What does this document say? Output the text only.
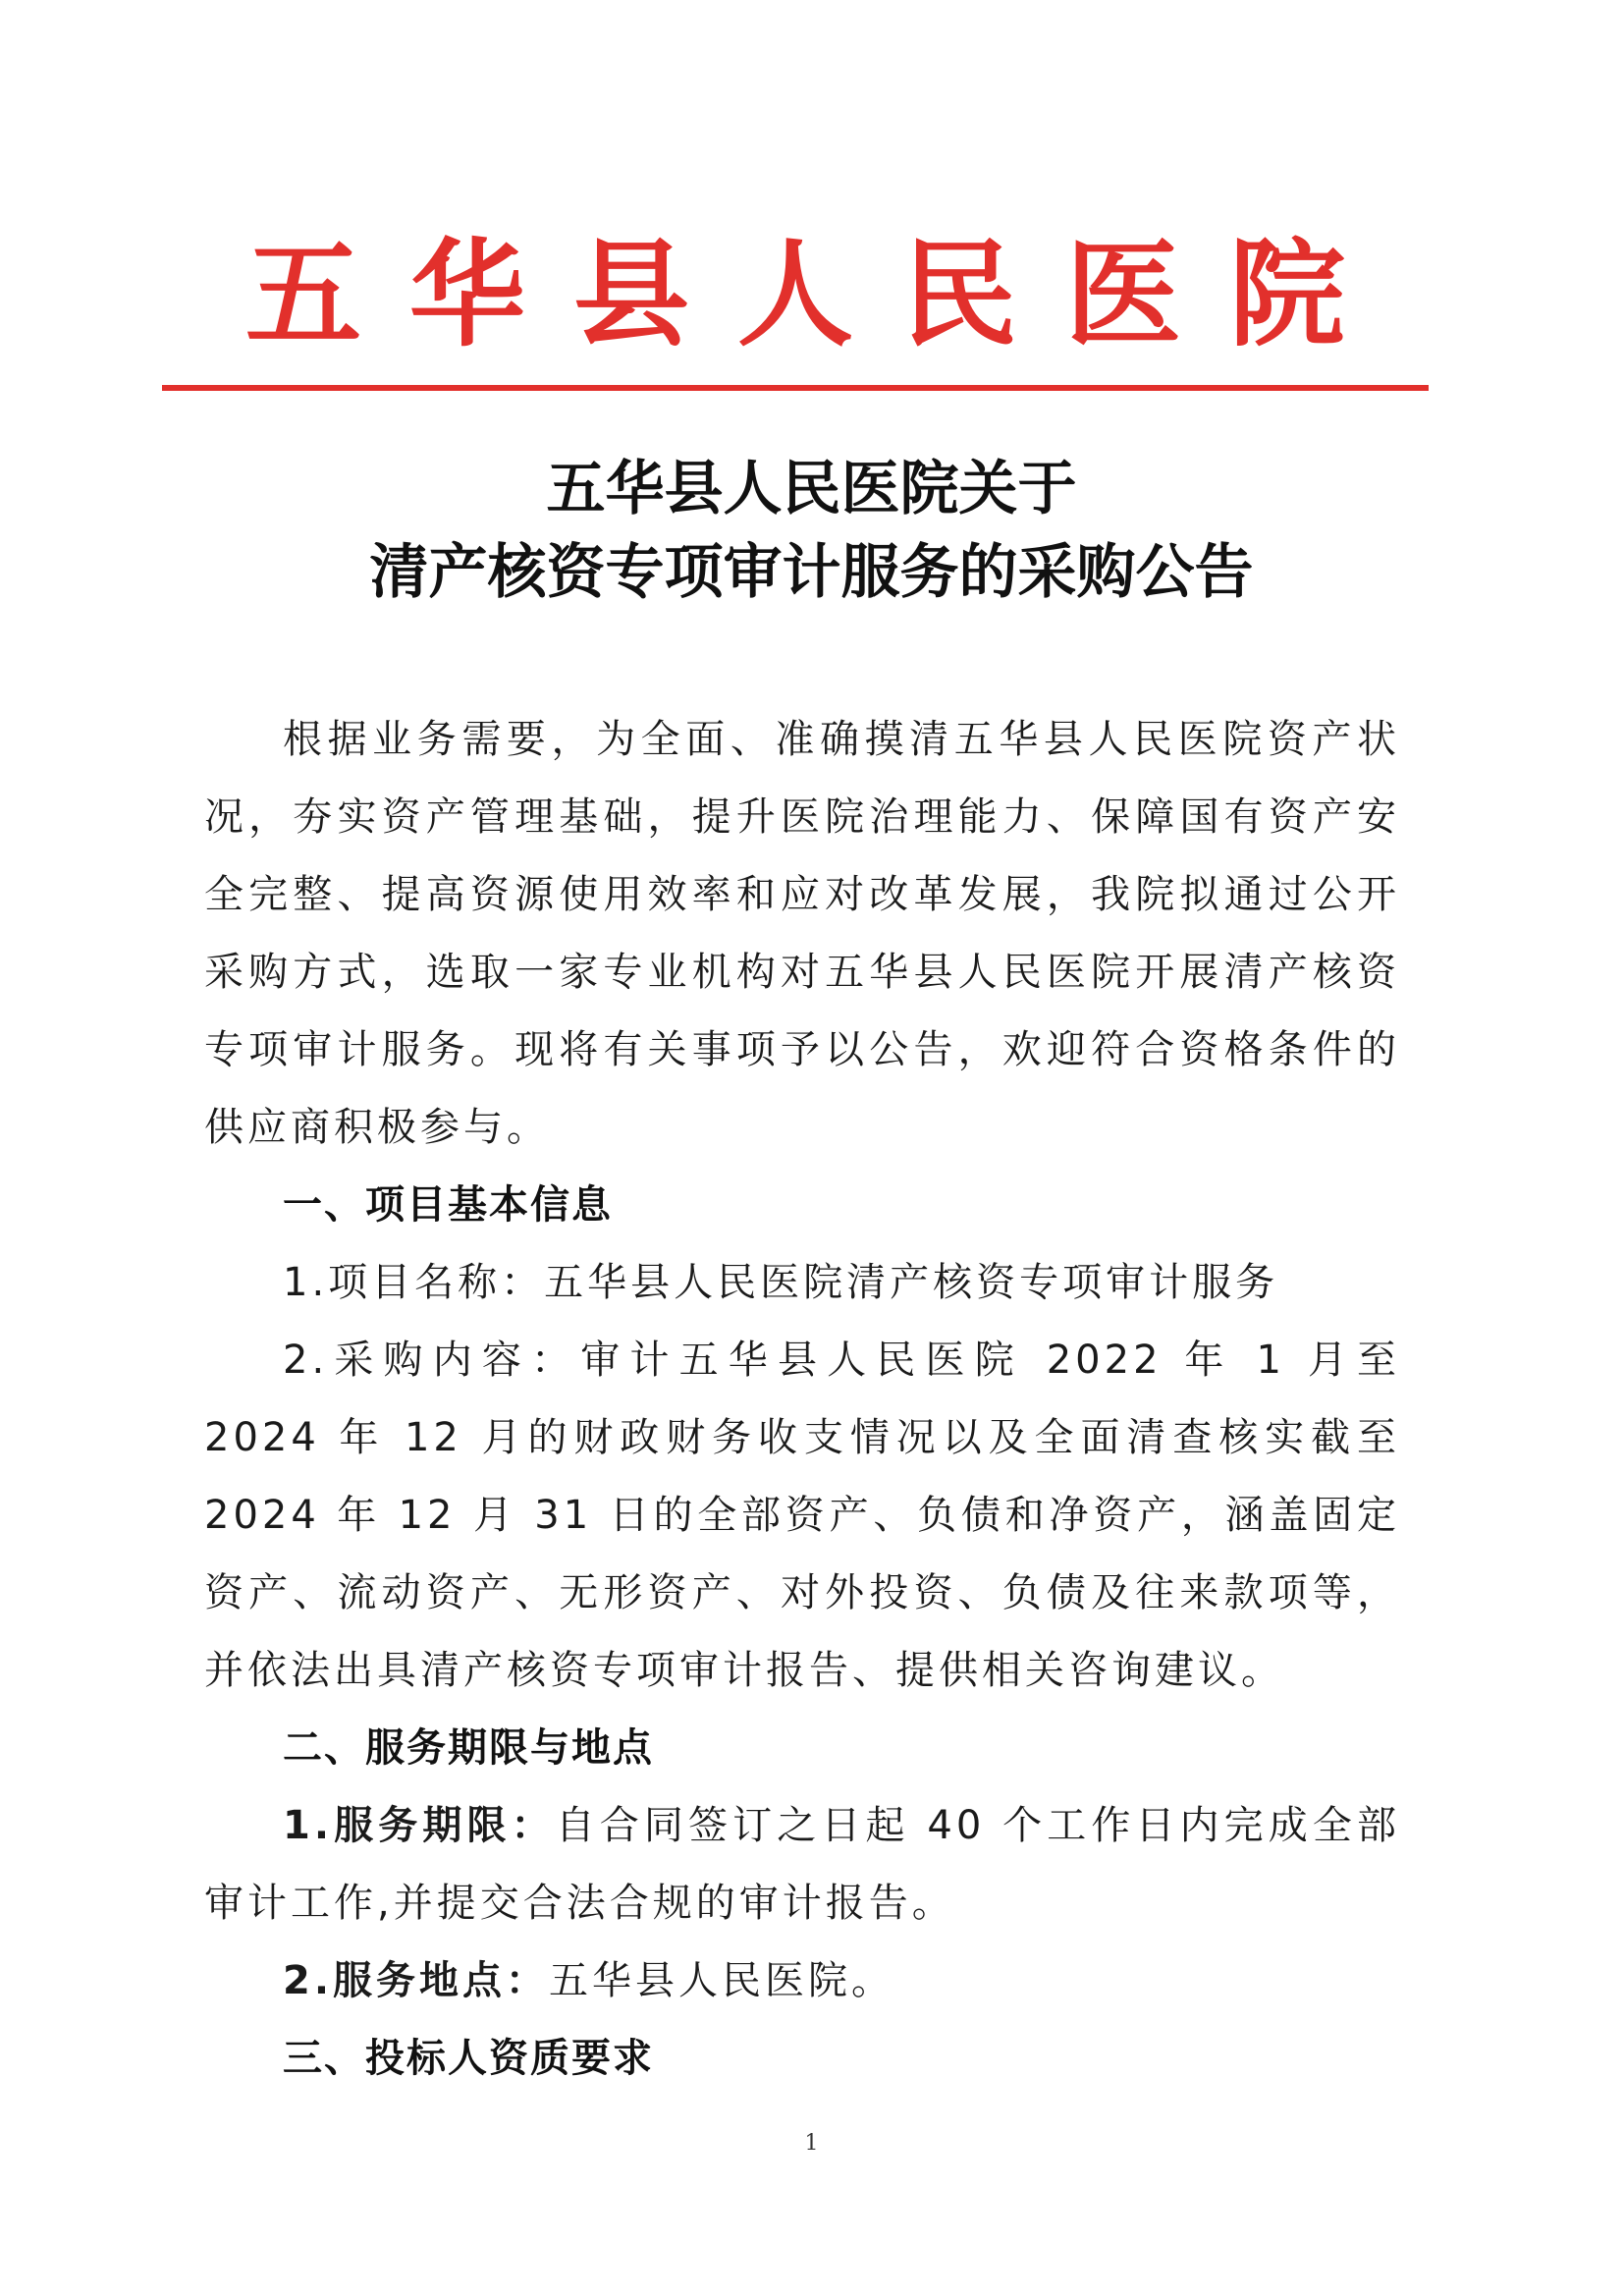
五 华 县 人 民 医 院
五华县人民医院关于
清产核资专项审计服务的采购公告

根据业务需要，为全面、准确摸清五华县人民医院资产状况，夯实资产管理基础，提升医院治理能力、保障国有资产安全完整、提高资源使用效率和应对改革发展，我院拟通过公开采购方式，选取一家专业机构对五华县人民医院开展清产核资专项审计服务。现将有关事项予以公告，欢迎符合资格条件的供应商积极参与。

一、项目基本信息

1.项目名称：五华县人民医院清产核资专项审计服务

2.采购内容：审计五华县人民医院 2022 年 1 月至 2024 年 12 月的财政财务收支情况以及全面清查核实截至 2024 年 12 月 31 日的全部资产、负债和净资产，涵盖固定资产、流动资产、无形资产、对外投资、负债及往来款项等，并依法出具清产核资专项审计报告、提供相关咨询建议。

二、服务期限与地点

1.服务期限：自合同签订之日起 40 个工作日内完成全部审计工作,并提交合法合规的审计报告。

2.服务地点：五华县人民医院。

三、投标人资质要求

1
